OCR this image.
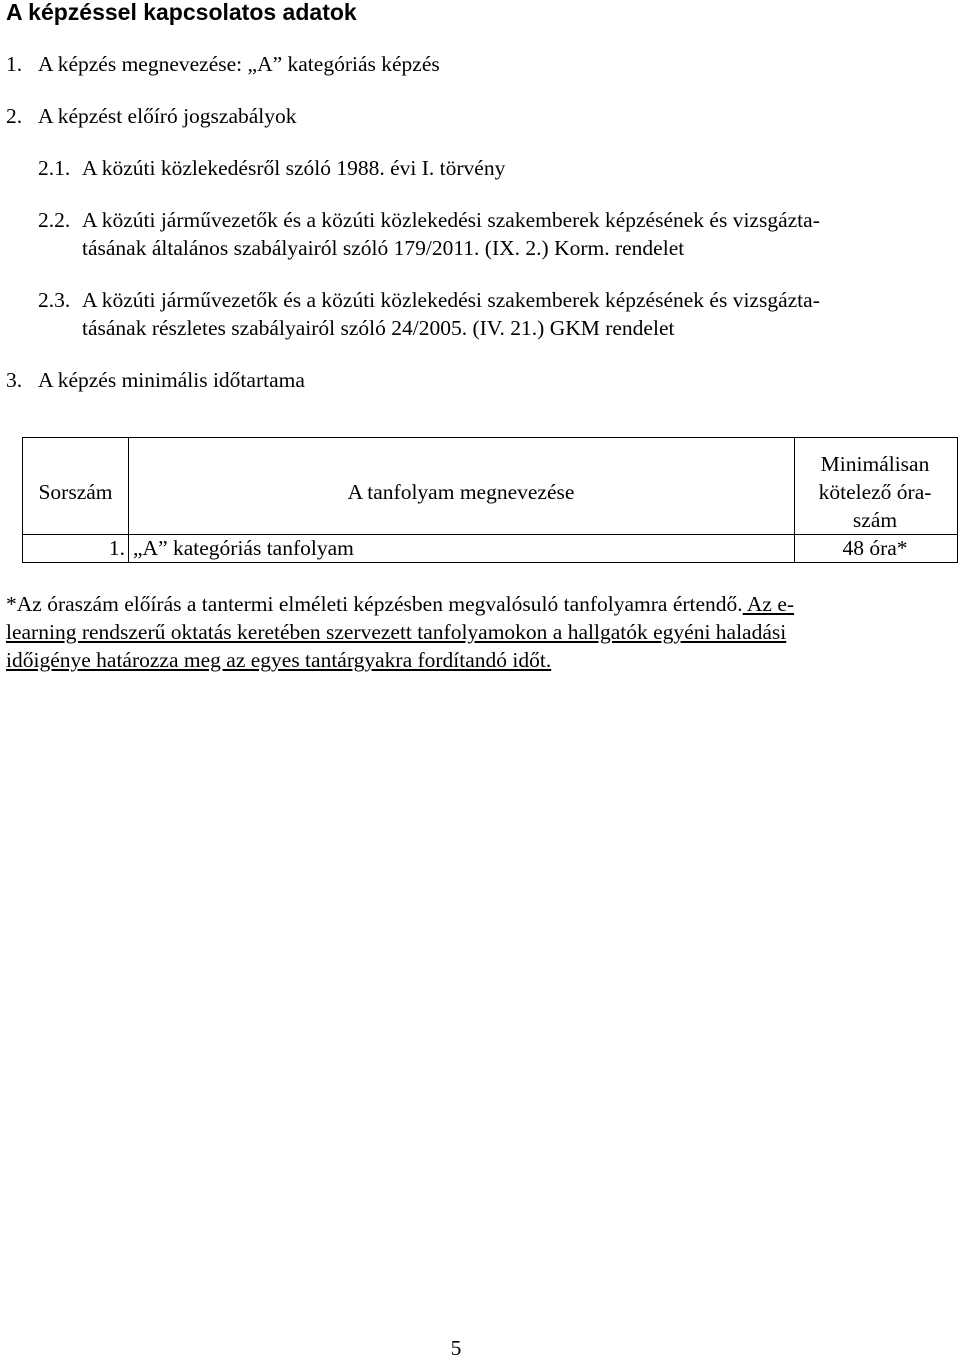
A képzéssel kapcsolatos adatok
1. A képzés megnevezése: „A” kategóriás képzés
2. A képzést előíró jogszabályok
2.1. A közúti közlekedésről szóló 1988. évi I. törvény
2.2. A közúti járművezetők és a közúti közlekedési szakemberek képzésének és vizsgázta-
tásának általános szabályairól szóló 179/2011. (IX. 2.) Korm. rendelet
2.3. A közúti járművezetők és a közúti közlekedési szakemberek képzésének és vizsgázta-
tásának részletes szabályairól szóló 24/2005. (IV. 21.) GKM rendelet
3. A képzés minimális időtartama
Sorszám	A tanfolyam megnevezése
Minimálisan
kötelező óra-
szám
1. „A” kategóriás tanfolyam	48 óra*
*Az óraszám előírás a tantermi elméleti képzésben megvalósuló tanfolyamra értendő. Az e-
learning rendszerű oktatás keretében szervezett tanfolyamokon a hallgatók egyéni haladási
időigénye határozza meg az egyes tantárgyakra fordítandó időt.
5
